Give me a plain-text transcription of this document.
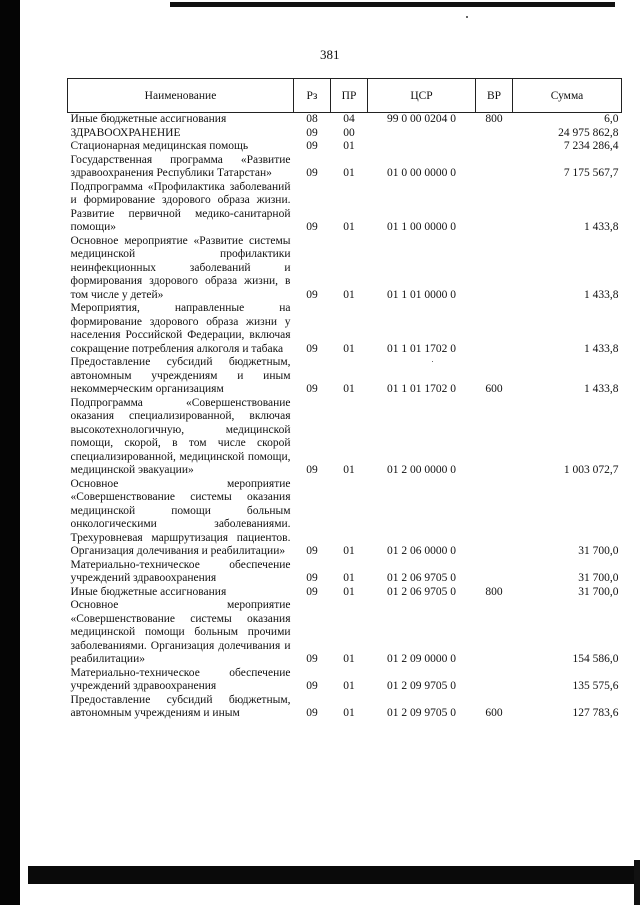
381
Наименование	Рз	ПР	ЦСР	ВР	Сумма
Иные бюджетные ассигнования	08	04	99 0 00 0204 0	800	6,0
ЗДРАВООХРАНЕНИЕ	09	00			24 975 862,8
Стационарная медицинская помощь	09	01			7 234 286,4
Государственная программа «Развитие здравоохранения Республики Татарстан»	09	01	01 0 00 0000 0		7 175 567,7
Подпрограмма «Профилактика заболеваний и формирование здорового образа жизни. Развитие первичной медико-санитарной помощи»	09	01	01 1 00 0000 0		1 433,8
Основное мероприятие «Развитие системы медицинской профилактики неинфекционных заболеваний и формирования здорового образа жизни, в том числе у детей»	09	01	01 1 01 0000 0		1 433,8
Мероприятия, направленные на формирование здорового образа жизни у населения Российской Федерации, включая сокращение потребления алкоголя и табака	09	01	01 1 01 1702 0		1 433,8
Предоставление субсидий бюджетным, автономным учреждениям и иным некоммерческим организациям	09	01	01 1 01 1702 0	600	1 433,8
Подпрограмма «Совершенствование оказания специализированной, включая высокотехнологичную, медицинской помощи, скорой, в том числе скорой специализированной, медицинской помощи, медицинской эвакуации»	09	01	01 2 00 0000 0		1 003 072,7
Основное мероприятие «Совершенствование системы оказания медицинской помощи больным онкологическими заболеваниями. Трехуровневая маршрутизация пациентов. Организация долечивания и реабилитации»	09	01	01 2 06 0000 0		31 700,0
Материально-техническое обеспечение учреждений здравоохранения	09	01	01 2 06 9705 0		31 700,0
Иные бюджетные ассигнования	09	01	01 2 06 9705 0	800	31 700,0
Основное мероприятие «Совершенствование системы оказания медицинской помощи больным прочими заболеваниями. Организация долечивания и реабилитации»	09	01	01 2 09 0000 0		154 586,0
Материально-техническое обеспечение учреждений здравоохранения	09	01	01 2 09 9705 0		135 575,6
Предоставление субсидий бюджетным, автономным учреждениям и иным	09	01	01 2 09 9705 0	600	127 783,6
